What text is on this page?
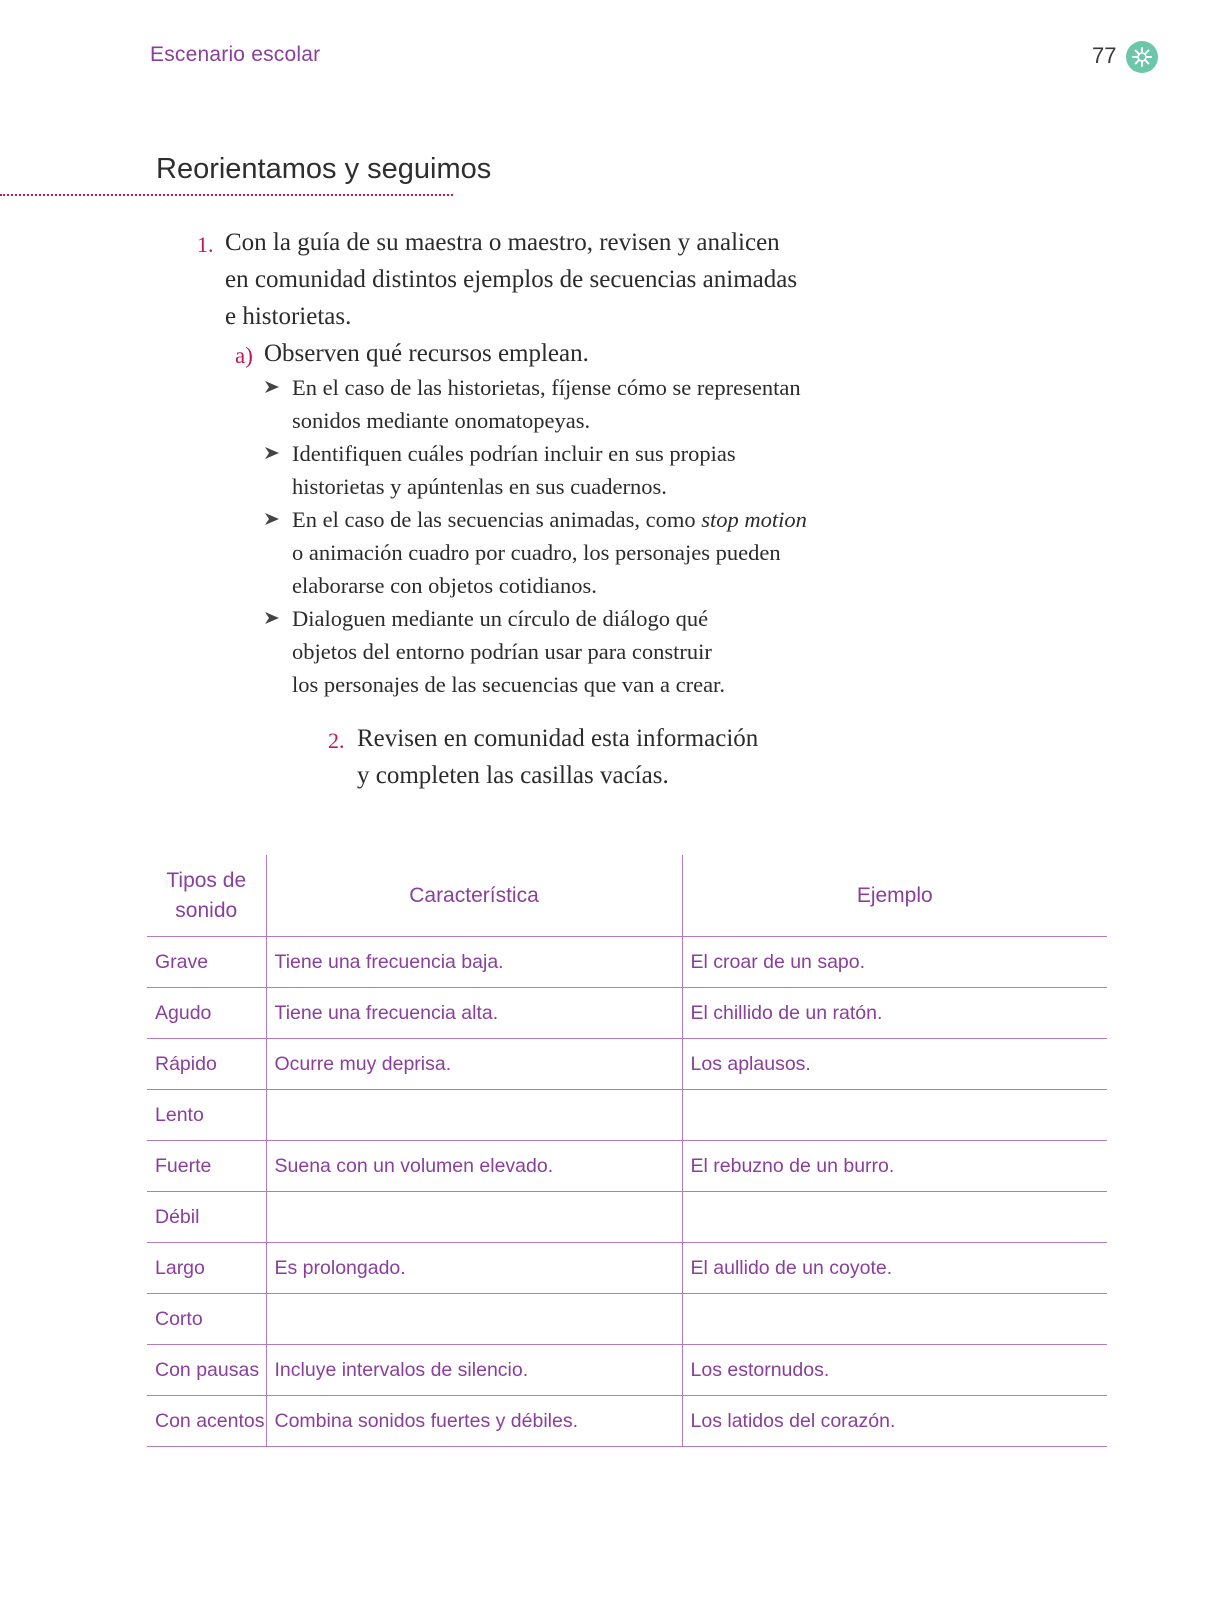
Escenario escolar	77
Reorientamos y seguimos
1. Con la guía de su maestra o maestro, revisen y analicen
en comunidad distintos ejemplos de secuencias animadas
e historietas.
a) Observen qué recursos emplean.
En el caso de las historietas, fíjense cómo se representan
sonidos mediante onomatopeyas.
Identifiquen cuáles podrían incluir en sus propias
historietas y apúntenlas en sus cuadernos.
En el caso de las secuencias animadas, como stop motion
o animación cuadro por cuadro, los personajes pueden
elaborarse con objetos cotidianos.
Dialoguen mediante un círculo de diálogo qué
objetos del entorno podrían usar para construir
los personajes de las secuencias que van a crear.
2. Revisen en comunidad esta información
y completen las casillas vacías.
Tipos de
sonido	Característica	Ejemplo
Grave	Tiene una frecuencia baja.	El croar de un sapo.
Agudo	Tiene una frecuencia alta.	El chillido de un ratón.
Rápido	Ocurre muy deprisa.	Los aplausos.
Lento		
Fuerte	Suena con un volumen elevado.	El rebuzno de un burro.
Débil		
Largo	Es prolongado.	El aullido de un coyote.
Corto		
Con pausas	Incluye intervalos de silencio.	Los estornudos.
Con acentos	Combina sonidos fuertes y débiles.	Los latidos del corazón.
